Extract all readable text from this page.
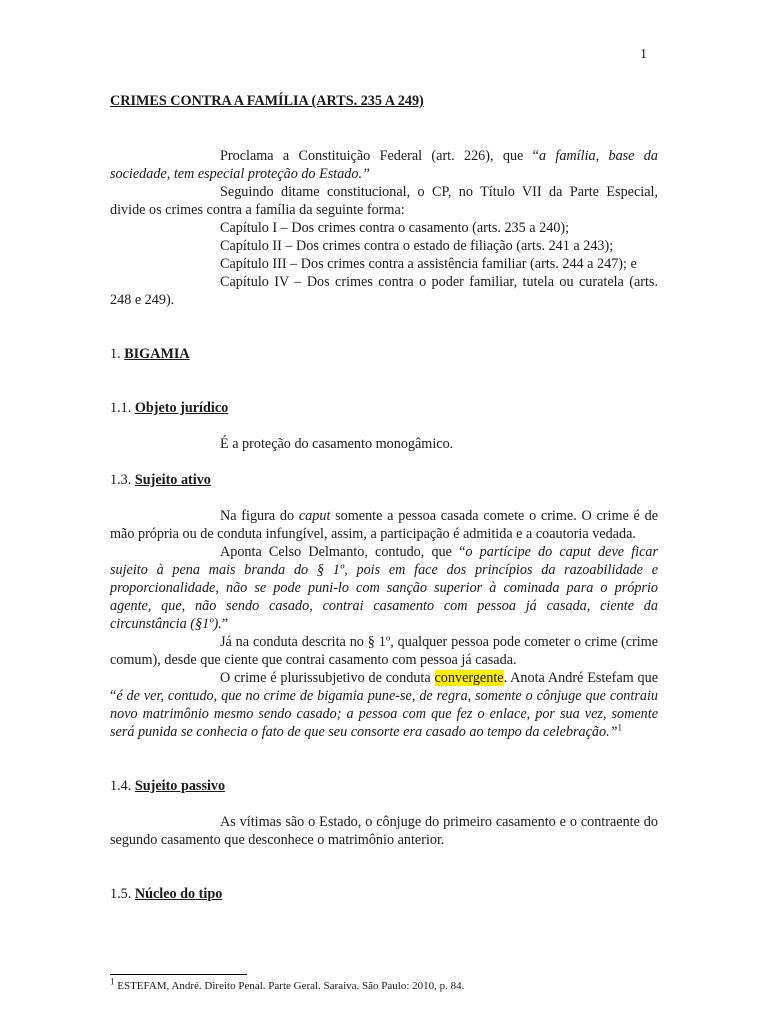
1

CRIMES CONTRA A FAMÍLIA (ARTS. 235 A 249)

Proclama a Constituição Federal (art. 226), que “a família, base da sociedade, tem especial proteção do Estado.”

Seguindo ditame constitucional, o CP, no Título VII da Parte Especial, divide os crimes contra a família da seguinte forma:

Capítulo I – Dos crimes contra o casamento (arts. 235 a 240);

Capítulo II – Dos crimes contra o estado de filiação (arts. 241 a 243);

Capítulo III – Dos crimes contra a assistência familiar (arts. 244 a 247); e

Capítulo IV – Dos crimes contra o poder familiar, tutela ou curatela (arts. 248 e 249).

1. BIGAMIA

1.1. Objeto jurídico

É a proteção do casamento monogâmico.

1.3. Sujeito ativo

Na figura do caput somente a pessoa casada comete o crime. O crime é de mão própria ou de conduta infungível, assim, a participação é admitida e a coautoria vedada.

Aponta Celso Delmanto, contudo, que “o partícipe do caput deve ficar sujeito à pena mais branda do § 1º, pois em face dos princípios da razoabilidade e proporcionalidade, não se pode puni-lo com sanção superior à cominada para o próprio agente, que, não sendo casado, contrai casamento com pessoa já casada, ciente da circunstância (§1º).”

Já na conduta descrita no § 1º, qualquer pessoa pode cometer o crime (crime comum), desde que ciente que contrai casamento com pessoa já casada.

O crime é plurissubjetivo de conduta convergente. Anota André Estefam que “é de ver, contudo, que no crime de bigamia pune-se, de regra, somente o cônjuge que contraiu novo matrimônio mesmo sendo casado; a pessoa com que fez o enlace, por sua vez, somente será punida se conhecia o fato de que seu consorte era casado ao tempo da celebração.”$^1$

1.4. Sujeito passivo

As vítimas são o Estado, o cônjuge do primeiro casamento e o contraente do segundo casamento que desconhece o matrimônio anterior.

1.5. Núcleo do tipo

$^1$ ESTEFAM, André. Direito Penal. Parte Geral. Saraiva. São Paulo: 2010, p. 84.
